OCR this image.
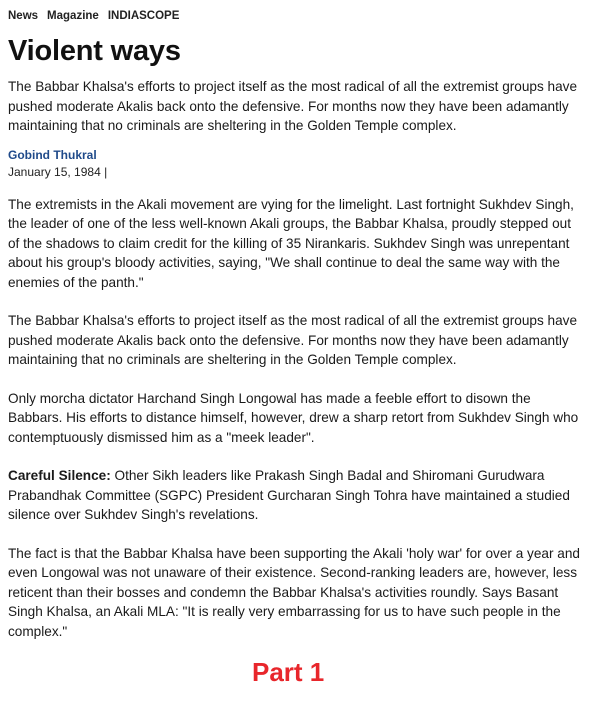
News Magazine INDIASCOPE
Violent ways

The Babbar Khalsa's efforts to project itself as the most radical of all the extremist groups have pushed moderate Akalis back onto the defensive. For months now they have been adamantly maintaining that no criminals are sheltering in the Golden Temple complex.

Gobind Thukral
January 15, 1984 |

The extremists in the Akali movement are vying for the limelight. Last fortnight Sukhdev Singh, the leader of one of the less well-known Akali groups, the Babbar Khalsa, proudly stepped out of the shadows to claim credit for the killing of 35 Nirankaris. Sukhdev Singh was unrepentant about his group's bloody activities, saying, "We shall continue to deal the same way with the enemies of the panth."

The Babbar Khalsa's efforts to project itself as the most radical of all the extremist groups have pushed moderate Akalis back onto the defensive. For months now they have been adamantly maintaining that no criminals are sheltering in the Golden Temple complex.

Only morcha dictator Harchand Singh Longowal has made a feeble effort to disown the Babbars. His efforts to distance himself, however, drew a sharp retort from Sukhdev Singh who contemptuously dismissed him as a "meek leader".

Careful Silence: Other Sikh leaders like Prakash Singh Badal and Shiromani Gurudwara Prabandhak Committee (SGPC) President Gurcharan Singh Tohra have maintained a studied silence over Sukhdev Singh's revelations.

The fact is that the Babbar Khalsa have been supporting the Akali 'holy war' for over a year and even Longowal was not unaware of their existence. Second-ranking leaders are, however, less reticent than their bosses and condemn the Babbar Khalsa's activities roundly. Says Basant Singh Khalsa, an Akali MLA: "It is really very embarrassing for us to have such people in the complex."

Part 1
